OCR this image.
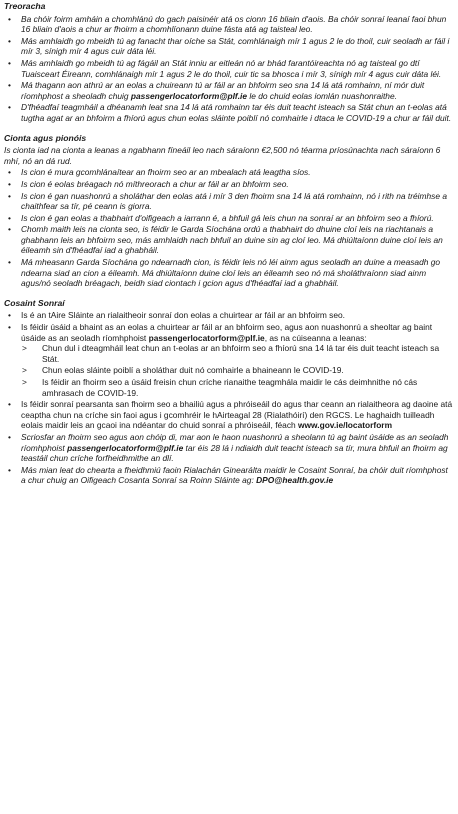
Treoracha
• Ba chóir foirm amháin a chomhlánú do gach paisinéir atá os cionn 16 bliain d'aois. Ba chóir sonraí leanaí faoi bhun 16 bliain d'aois a chur ar fhoirm a chomhlíonann duine fásta atá ag taisteal leo.
• Más amhlaidh go mbeidh tú ag fanacht thar oíche sa Stát, comhlánaigh mír 1 agus 2 le do thoil, cuir seoladh ar fáil i mír 3, sínigh mír 4 agus cuir dáta léi.
• Más amhlaidh go mbeidh tú ag fágáil an Stát inniu ar eitleán nó ar bhád farantóireachta nó ag taisteal go dtí Tuaisceart Éireann, comhlánaigh mír 1 agus 2 le do thoil, cuir tic sa bhosca i mír 3, sínigh mír 4 agus cuir dáta léi.
• Má thagann aon athrú ar an eolas a chuireann tú ar fáil ar an bhfoirm seo sna 14 lá atá romhainn, ní mór duit ríomhphost a sheoladh chuig passengerlocatorform@plf.ie le do chuid eolas iomlán nuashonraithe.
• D'fhéadfaí teagmháil a dhéanamh leat sna 14 lá atá romhainn tar éis duit teacht isteach sa Stát chun an t-eolas atá tugtha agat ar an bhfoirm a fhíorú agus chun eolas sláinte poiblí nó comhairle i dtaca le COVID-19 a chur ar fáil duit.
Cionta agus pionóis
Is cionta iad na cionta a leanas a ngabhann fíneáil leo nach sáraíonn €2,500 nó téarma príosúnachta nach sáraíonn 6 mhí, nó an dá rud.
• Is cion é mura gcomhlánaítear an fhoirm seo ar an mbealach atá leagtha síos.
• Is cion é eolas bréagach nó míthreorach a chur ar fáil ar an bhfoirm seo.
• Is cion é gan nuashonrú a sholáthar den eolas atá i mír 3 den fhoirm sna 14 lá atá romhainn, nó i rith na tréimhse a chaithfear sa tír, pé ceann is giorra.
• Is cion é gan eolas a thabhairt d'oifigeach a iarrann é, a bhfuil gá leis chun na sonraí ar an bhfoirm seo a fhíorú.
• Chomh maith leis na cionta seo, is féidir le Garda Síochána ordú a thabhairt do dhuine cloí leis na riachtanais a ghabhann leis an bhfoirm seo, más amhlaidh nach bhfuil an duine sin ag cloí leo. Má dhiúltaíonn duine cloí leis an éileamh sin d'fhéadfaí iad a ghabháil.
• Má mheasann Garda Síochána go ndearnadh cion, is féidir leis nó léi ainm agus seoladh an duine a measadh go ndearna siad an cion a éileamh. Má dhiúltaíonn duine cloí leis an éileamh seo nó má sholáthraíonn siad ainm agus/nó seoladh bréagach, beidh siad ciontach i gcion agus d'fhéadfaí iad a ghabháil.
Cosaint Sonraí
• Is é an tAire Sláinte an rialaitheoir sonraí don eolas a chuirtear ar fáil ar an bhfoirm seo.
• Is féidir úsáid a bhaint as an eolas a chuirtear ar fáil ar an bhfoirm seo, agus aon nuashonrú a sheoltar ag baint úsáide as an seoladh ríomhphoist passengerlocatorform@plf.ie, as na cúiseanna a leanas:
> Chun dul i dteagmháil leat chun an t-eolas ar an bhfoirm seo a fhíorú sna 14 lá tar éis duit teacht isteach sa Stát.
> Chun eolas sláinte poiblí a sholáthar duit nó comhairle a bhaineann le COVID-19.
> Is féidir an fhoirm seo a úsáid freisin chun críche rianaithe teagmhála maidir le cás deimhnithe nó cás amhrasach de COVID-19.
• Is féidir sonraí pearsanta san fhoirm seo a bhailiú agus a phróiseáil do agus thar ceann an rialaitheora ag daoine atá ceaptha chun na críche sin faoi agus i gcomhréir le hAirteagal 28 (Rialathóirí) den RGCS. Le haghaidh tuilleadh eolais maidir leis an gcaoi ina ndéantar do chuid sonraí a phróiseáil, féach www.gov.ie/locatorform
• Scriosfar an fhoirm seo agus aon chóip di, mar aon le haon nuashonrú a sheolann tú ag baint úsáide as an seoladh ríomhphoist passengerlocatorform@plf.ie tar éis 28 lá i ndiaidh duit teacht isteach sa tír, mura bhfuil an fhoirm ag teastáil chun críche forfheidhmithe an dlí.
• Más mian leat do chearta a fheidhmiú faoin Rialachán Ginearálta maidir le Cosaint Sonraí, ba chóir duit ríomhphost a chur chuig an Oifigeach Cosanta Sonraí sa Roinn Sláinte ag: DPO@health.gov.ie
